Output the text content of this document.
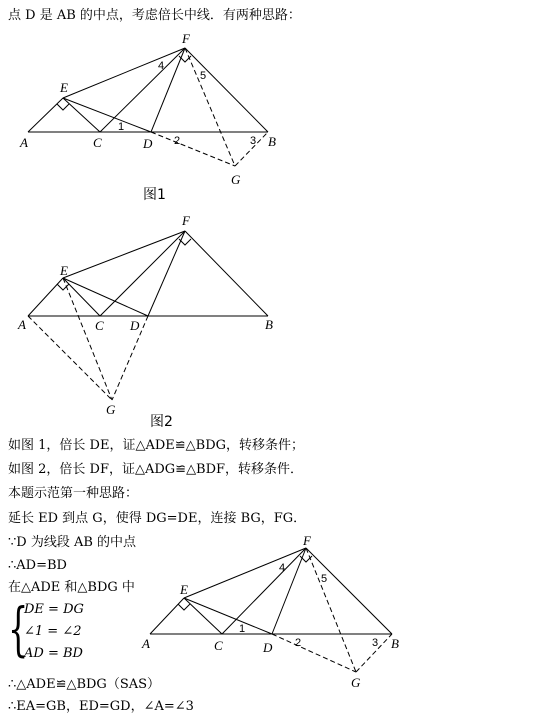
点 D 是 AB 的中点，考虑倍长中线．有两种思路：
A	C	D	B
E
F
G
1
2	3
4
5
图1
A	C D	B
E
F
G
图2
如图 1，倍长 DE，证△ADE≌△BDG，转移条件；
如图 2，倍长 DF，证△ADG≌△BDF，转移条件．
本题示范第一种思路：
延长 ED 到点 G，使得 DG=DE，连接 BG，FG．
∵D 为线段 AB 的中点
∴AD=BD
在△ADE 和△BDG 中
{
DE = DG
∠1 = ∠2
AD = BD
∴△ADE≌△BDG（SAS）
∴EA=GB，ED=GD，∠A=∠3
A	C	D	B
E
F
G
1
2	3
4
5
